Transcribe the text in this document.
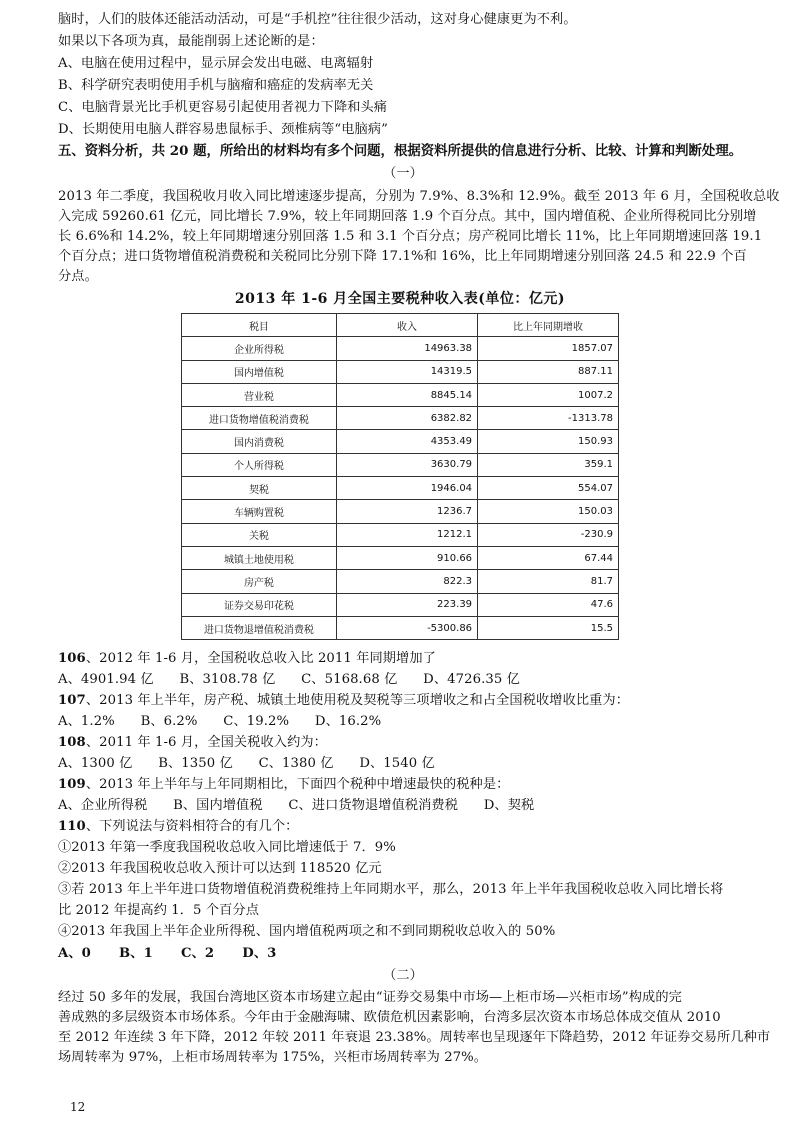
脑时，人们的肢体还能活动活动，可是“手机控”往往很少活动，这对身心健康更为不利。
如果以下各项为真，最能削弱上述论断的是：
A、电脑在使用过程中，显示屏会发出电磁、电离辐射
B、科学研究表明使用手机与脑瘤和癌症的发病率无关
C、电脑背景光比手机更容易引起使用者视力下降和头痛
D、长期使用电脑人群容易患鼠标手、颈椎病等“电脑病”
五、资料分析，共 20 题，所给出的材料均有多个问题，根据资料所提供的信息进行分析、比较、计算和判断处理。
（一）
2013 年二季度，我国税收月收入同比增速逐步提高，分别为 7.9%、8.3%和 12.9%。截至 2013 年 6 月，全国税收总收
入完成 59260.61 亿元，同比增长 7.9%，较上年同期回落 1.9 个百分点。其中，国内增值税、企业所得税同比分别增
长 6.6%和 14.2%，较上年同期增速分别回落 1.5 和 3.1 个百分点；房产税同比增长 11%，比上年同期增速回落 19.1
个百分点；进口货物增值税消费税和关税同比分别下降 17.1%和 16%，比上年同期增速分别回落 24.5 和 22.9 个百
分点。
2013 年 1-6 月全国主要税种收入表(单位：亿元)
税目	收入	比上年同期增收
企业所得税	14963.38	1857.07
国内增值税	14319.5	887.11
营业税	8845.14	1007.2
进口货物增值税消费税	6382.82	-1313.78
国内消费税	4353.49	150.93
个人所得税	3630.79	359.1
契税	1946.04	554.07
车辆购置税	1236.7	150.03
关税	1212.1	-230.9
城镇土地使用税	910.66	67.44
房产税	822.3	81.7
证券交易印花税	223.39	47.6
进口货物退增值税消费税	-5300.86	15.5
106、2012 年 1-6 月，全国税收总收入比 2011 年同期增加了
A、4901.94 亿      B、3108.78 亿      C、5168.68 亿      D、4726.35 亿
107、2013 年上半年，房产税、城镇土地使用税及契税等三项增收之和占全国税收增收比重为：
A、1.2%      B、6.2%      C、19.2%      D、16.2%
108、2011 年 1-6 月，全国关税收入约为：
A、1300 亿      B、1350 亿      C、1380 亿      D、1540 亿
109、2013 年上半年与上年同期相比，下面四个税种中增速最快的税种是：
A、企业所得税      B、国内增值税      C、进口货物退增值税消费税      D、契税
110、下列说法与资料相符合的有几个：
①2013 年第一季度我国税收总收入同比增速低于 7．9%
②2013 年我国税收总收入预计可以达到 118520 亿元
③若 2013 年上半年进口货物增值税消费税维持上年同期水平，那么，2013 年上半年我国税收总收入同比增长将
比 2012 年提高约 1．5 个百分点
④2013 年我国上半年企业所得税、国内增值税两项之和不到同期税收总收入的 50%
A、0      B、1      C、2      D、3
（二）
经过 50 多年的发展，我国台湾地区资本市场建立起由“证券交易集中市场—上柜市场—兴柜市场”构成的完
善成熟的多层级资本市场体系。今年由于金融海啸、欧债危机因素影响，台湾多层次资本市场总体成交值从 2010
至 2012 年连续 3 年下降，2012 年较 2011 年衰退 23.38%。周转率也呈现逐年下降趋势，2012 年证券交易所几种市
场周转率为 97%，上柜市场周转率为 175%，兴柜市场周转率为 27%。
12
